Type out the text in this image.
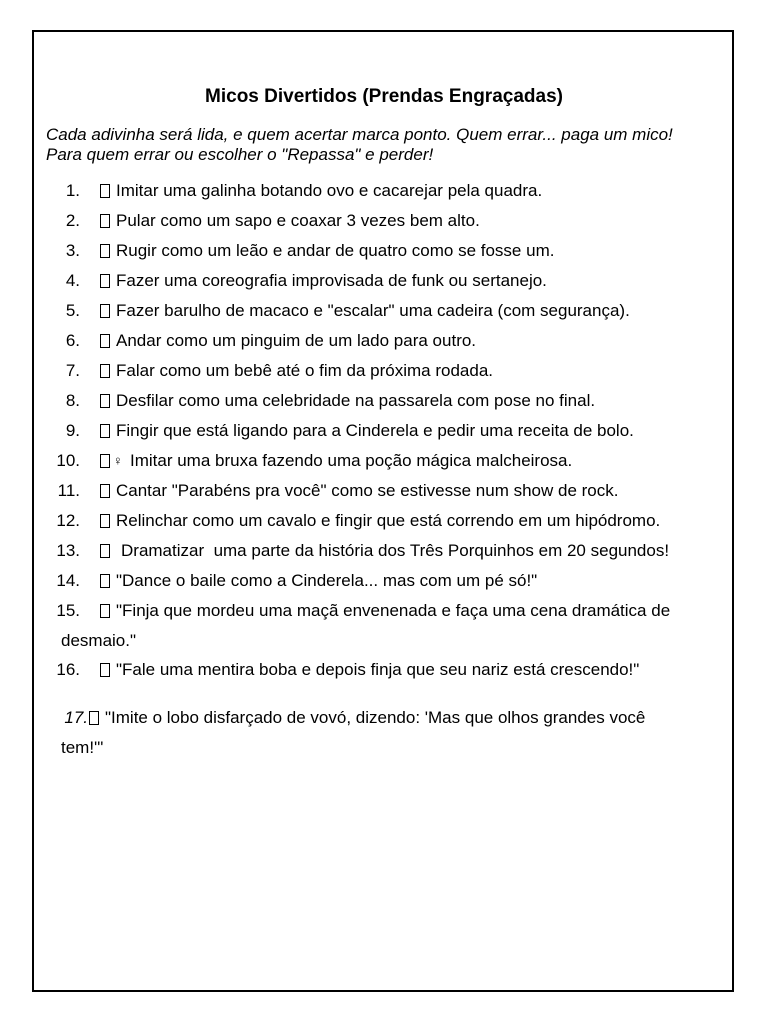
Micos Divertidos (Prendas Engraçadas)
Cada adivinha será lida, e quem acertar marca ponto. Quem errar... paga um mico!
Para quem errar ou escolher o "Repassa" e perder!
1. Imitar uma galinha botando ovo e cacarejar pela quadra.
2. Pular como um sapo e coaxar 3 vezes bem alto.
3. Rugir como um leão e andar de quatro como se fosse um.
4. Fazer uma coreografia improvisada de funk ou sertanejo.
5. Fazer barulho de macaco e "escalar" uma cadeira (com segurança).
6. Andar como um pinguim de um lado para outro.
7. Falar como um bebê até o fim da próxima rodada.
8. Desfilar como uma celebridade na passarela com pose no final.
9. Fingir que está ligando para a Cinderela e pedir uma receita de bolo.
10.	♀ Imitar uma bruxa fazendo uma poção mágica malcheirosa.
11. Cantar "Parabéns pra você" como se estivesse num show de rock.
12. Relinchar como um cavalo e fingir que está correndo em um hipódromo.
13. Dramatizar  uma parte da história dos Três Porquinhos em 20 segundos!
14. "Dance o baile como a Cinderela... mas com um pé só!"
15. "Finja que mordeu uma maçã envenenada e faça uma cena dramática de
desmaio."
16. "Fale uma mentira boba e depois finja que seu nariz está crescendo!"
17. "Imite o lobo disfarçado de vovó, dizendo: 'Mas que olhos grandes você
tem!'"
